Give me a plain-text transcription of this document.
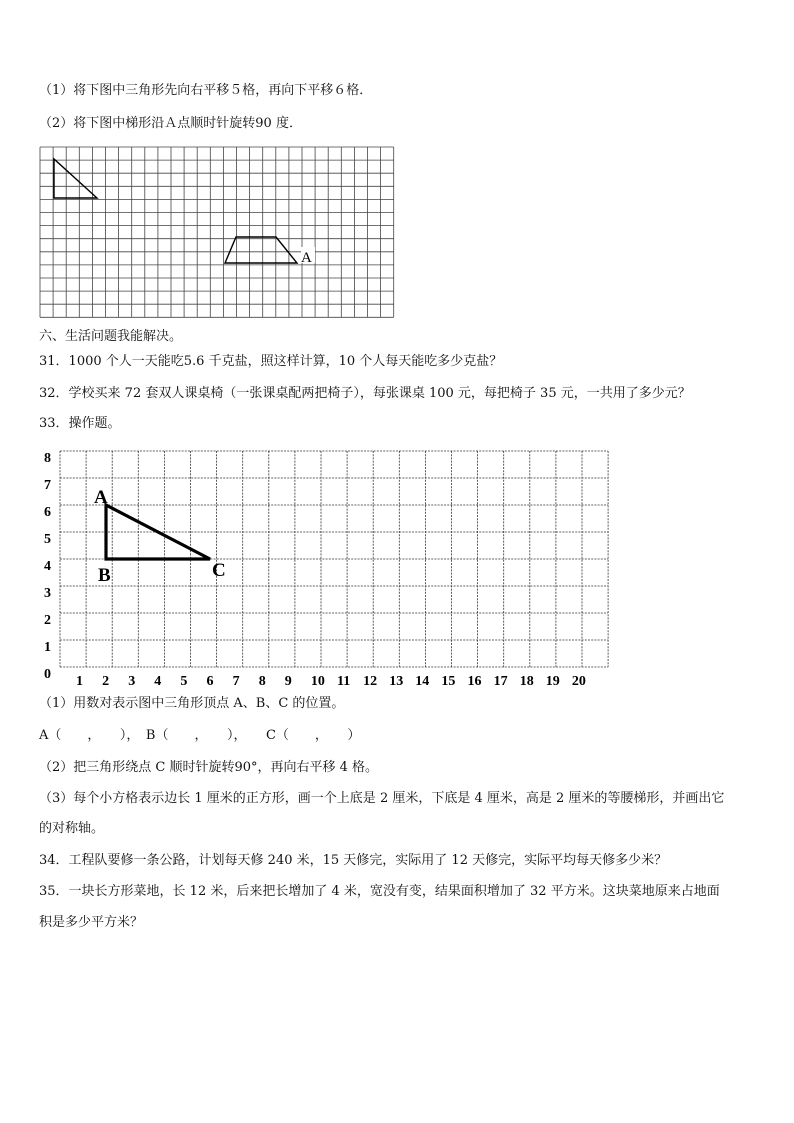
（1）将下图中三角形先向右平移５格，再向下平移６格．
（2）将下图中梯形沿Ａ点顺时针旋转90 度．
A
六、生活问题我能解决。
31．1000 个人一天能吃5.6 千克盐，照这样计算，10 个人每天能吃多少克盐？
32．学校买来 72 套双人课桌椅（一张课桌配两把椅子），每张课桌 100 元，每把椅子 35 元，一共用了多少元？
33．操作题。
8
7
6
5
4
3
2
1
0 1 2 3 4 5 6 7 8 9 10 11 12 13 14 15 16 17 18 19 20
A
B	C
（1）用数对表示图中三角形顶点 A、B、C 的位置。
A（　　，　　），　B（　　，　　），　　C（　　，　　）
（2）把三角形绕点 C 顺时针旋转90°，再向右平移 4 格。
（3）每个小方格表示边长 1 厘米的正方形，画一个上底是 2 厘米，下底是 4 厘米，高是 2 厘米的等腰梯形，并画出它
的对称轴。
34．工程队要修一条公路，计划每天修 240 米，15 天修完，实际用了 12 天修完，实际平均每天修多少米？
35．一块长方形菜地，长 12 米，后来把长增加了 4 米，宽没有变，结果面积增加了 32 平方米。这块菜地原来占地面
积是多少平方米？
